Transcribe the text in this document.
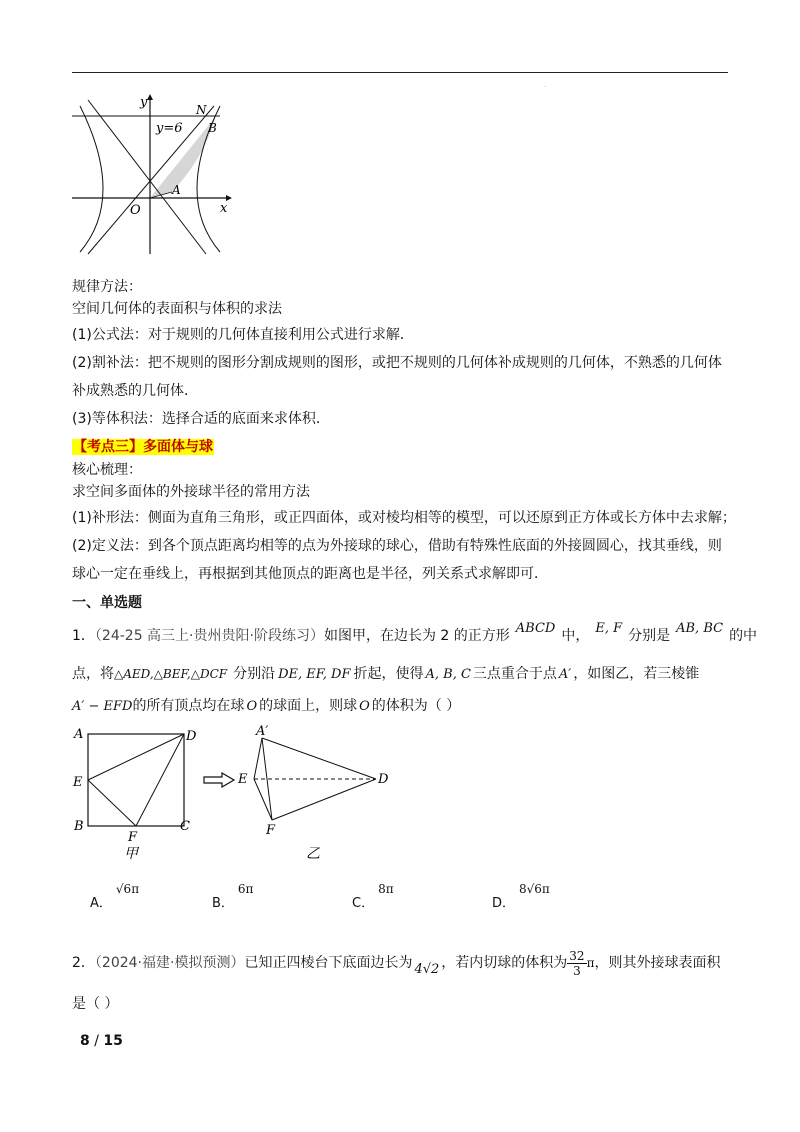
·
y
x
O
A
B
N
y=6
规律方法：
空间几何体的表面积与体积的求法
(1)公式法：对于规则的几何体直接利用公式进行求解．
(2)割补法：把不规则的图形分割成规则的图形，或把不规则的几何体补成规则的几何体，不熟悉的几何体
补成熟悉的几何体．
(3)等体积法：选择合适的底面来求体积．
【考点三】多面体与球
核心梳理：
求空间多面体的外接球半径的常用方法
(1)补形法：侧面为直角三角形，或正四面体，或对棱均相等的模型，可以还原到正方体或长方体中去求解；
(2)定义法：到各个顶点距离均相等的点为外接球的球心，借助有特殊性底面的外接圆圆心，找其垂线，则
球心一定在垂线上，再根据到其他顶点的距离也是半径，列关系式求解即可．
一、单选题
1．（24-25 高三上·贵州贵阳·阶段练习）如图甲，在边长为 2 的正方形 ABCD 中， E, F 分别是 AB, BC 的中
点，将△AED,△BEF,△DCF 分别沿 DE, EF, DF 折起，使得 A, B, C 三点重合于点 A′ ，如图乙，若三棱锥
A′ − EFD的所有顶点均在球 O 的球面上，则球 O 的体积为（ ）
A	D
E
B
F
C
甲
A′
E	D
F
乙
A．√6π
B．6π
C．8π
D．8√6π
2．（2024·福建·模拟预测）已知正四棱台下底面边长为 4√2 ，若内切球的体积为 $\frac{32}{3}\pi$，则其外接球表面积
是（ ）
8 / 15
